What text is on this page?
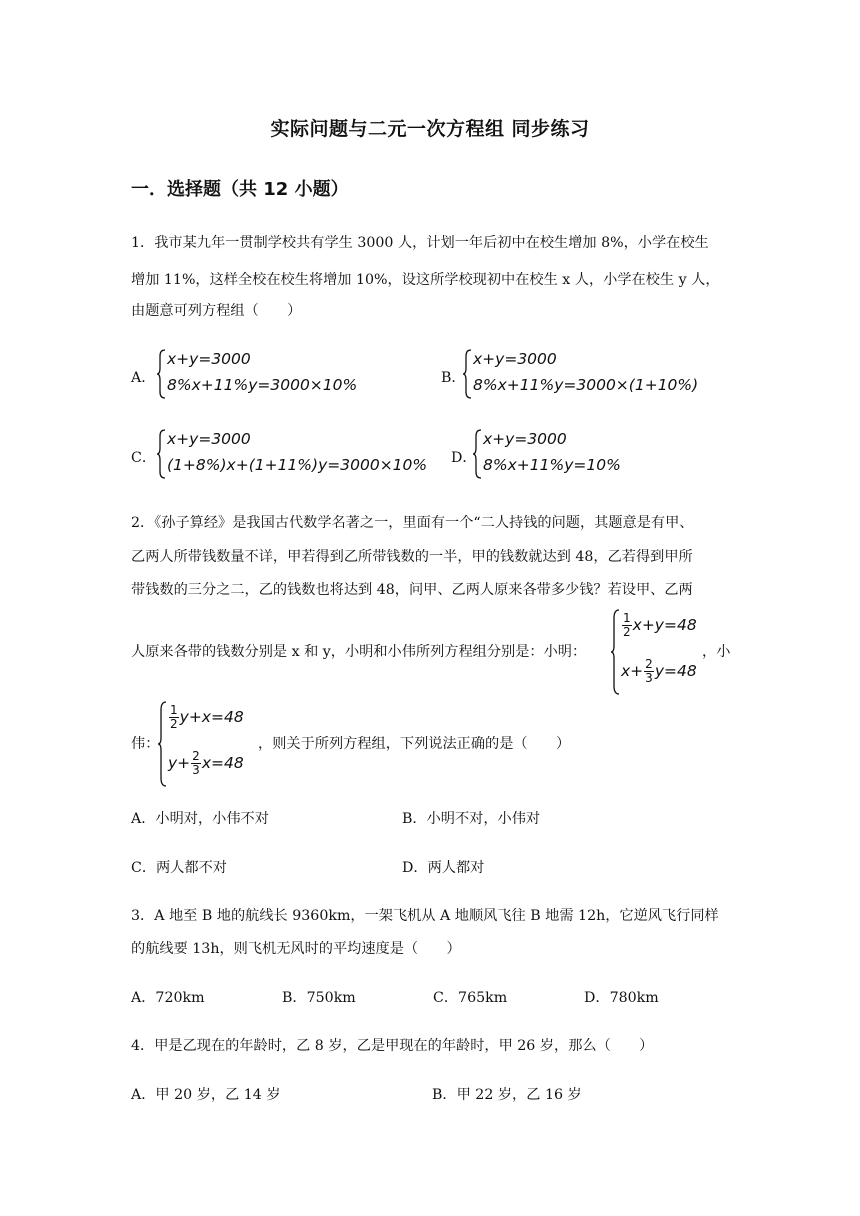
实际问题与二元一次方程组 同步练习
一．选择题（共 12 小题）
1．我市某九年一贯制学校共有学生 3000 人，计划一年后初中在校生增加 8%，小学在校生
增加 11%，这样全校在校生将增加 10%，设这所学校现初中在校生 x 人，小学在校生 y 人，
由题意可列方程组（　　）
A．
x+y=3000
8%x+11%y=3000×10%	B．
x+y=3000
8%x+11%y=3000×(1+10%)
C．
x+y=3000
(1+8%)x+(1+11%)y=3000×10% D．
x+y=3000
8%x+11%y=10%
2．《孙子算经》是我国古代数学名著之一，里面有一个“二人持钱的问题，其题意是有甲、
乙两人所带钱数量不详，甲若得到乙所带钱数的一半，甲的钱数就达到 48，乙若得到甲所
带钱数的三分之二，乙的钱数也将达到 48，问甲、乙两人原来各带多少钱？若设甲、乙两
人原来各带的钱数分别是 x 和 y，小明和小伟所列方程组分别是：小明：
$\frac{1}{2} x+y=48$
$x+ \frac{2}{3} y=48$
，小
伟：
$\frac{1}{2} y+x=48$
$y+ \frac{2}{3} x=48$
，则关于所列方程组，下列说法正确的是（　　）
A．小明对，小伟不对	B．小明不对，小伟对
C．两人都不对	D．两人都对
3．A 地至 B 地的航线长 9360km，一架飞机从 A 地顺风飞往 B 地需 12h，它逆风飞行同样
的航线要 13h，则飞机无风时的平均速度是（　　）
A．720km	B．750km	C．765km	D．780km
4．甲是乙现在的年龄时，乙 8 岁，乙是甲现在的年龄时，甲 26 岁，那么（　　）
A．甲 20 岁，乙 14 岁	B．甲 22 岁，乙 16 岁
